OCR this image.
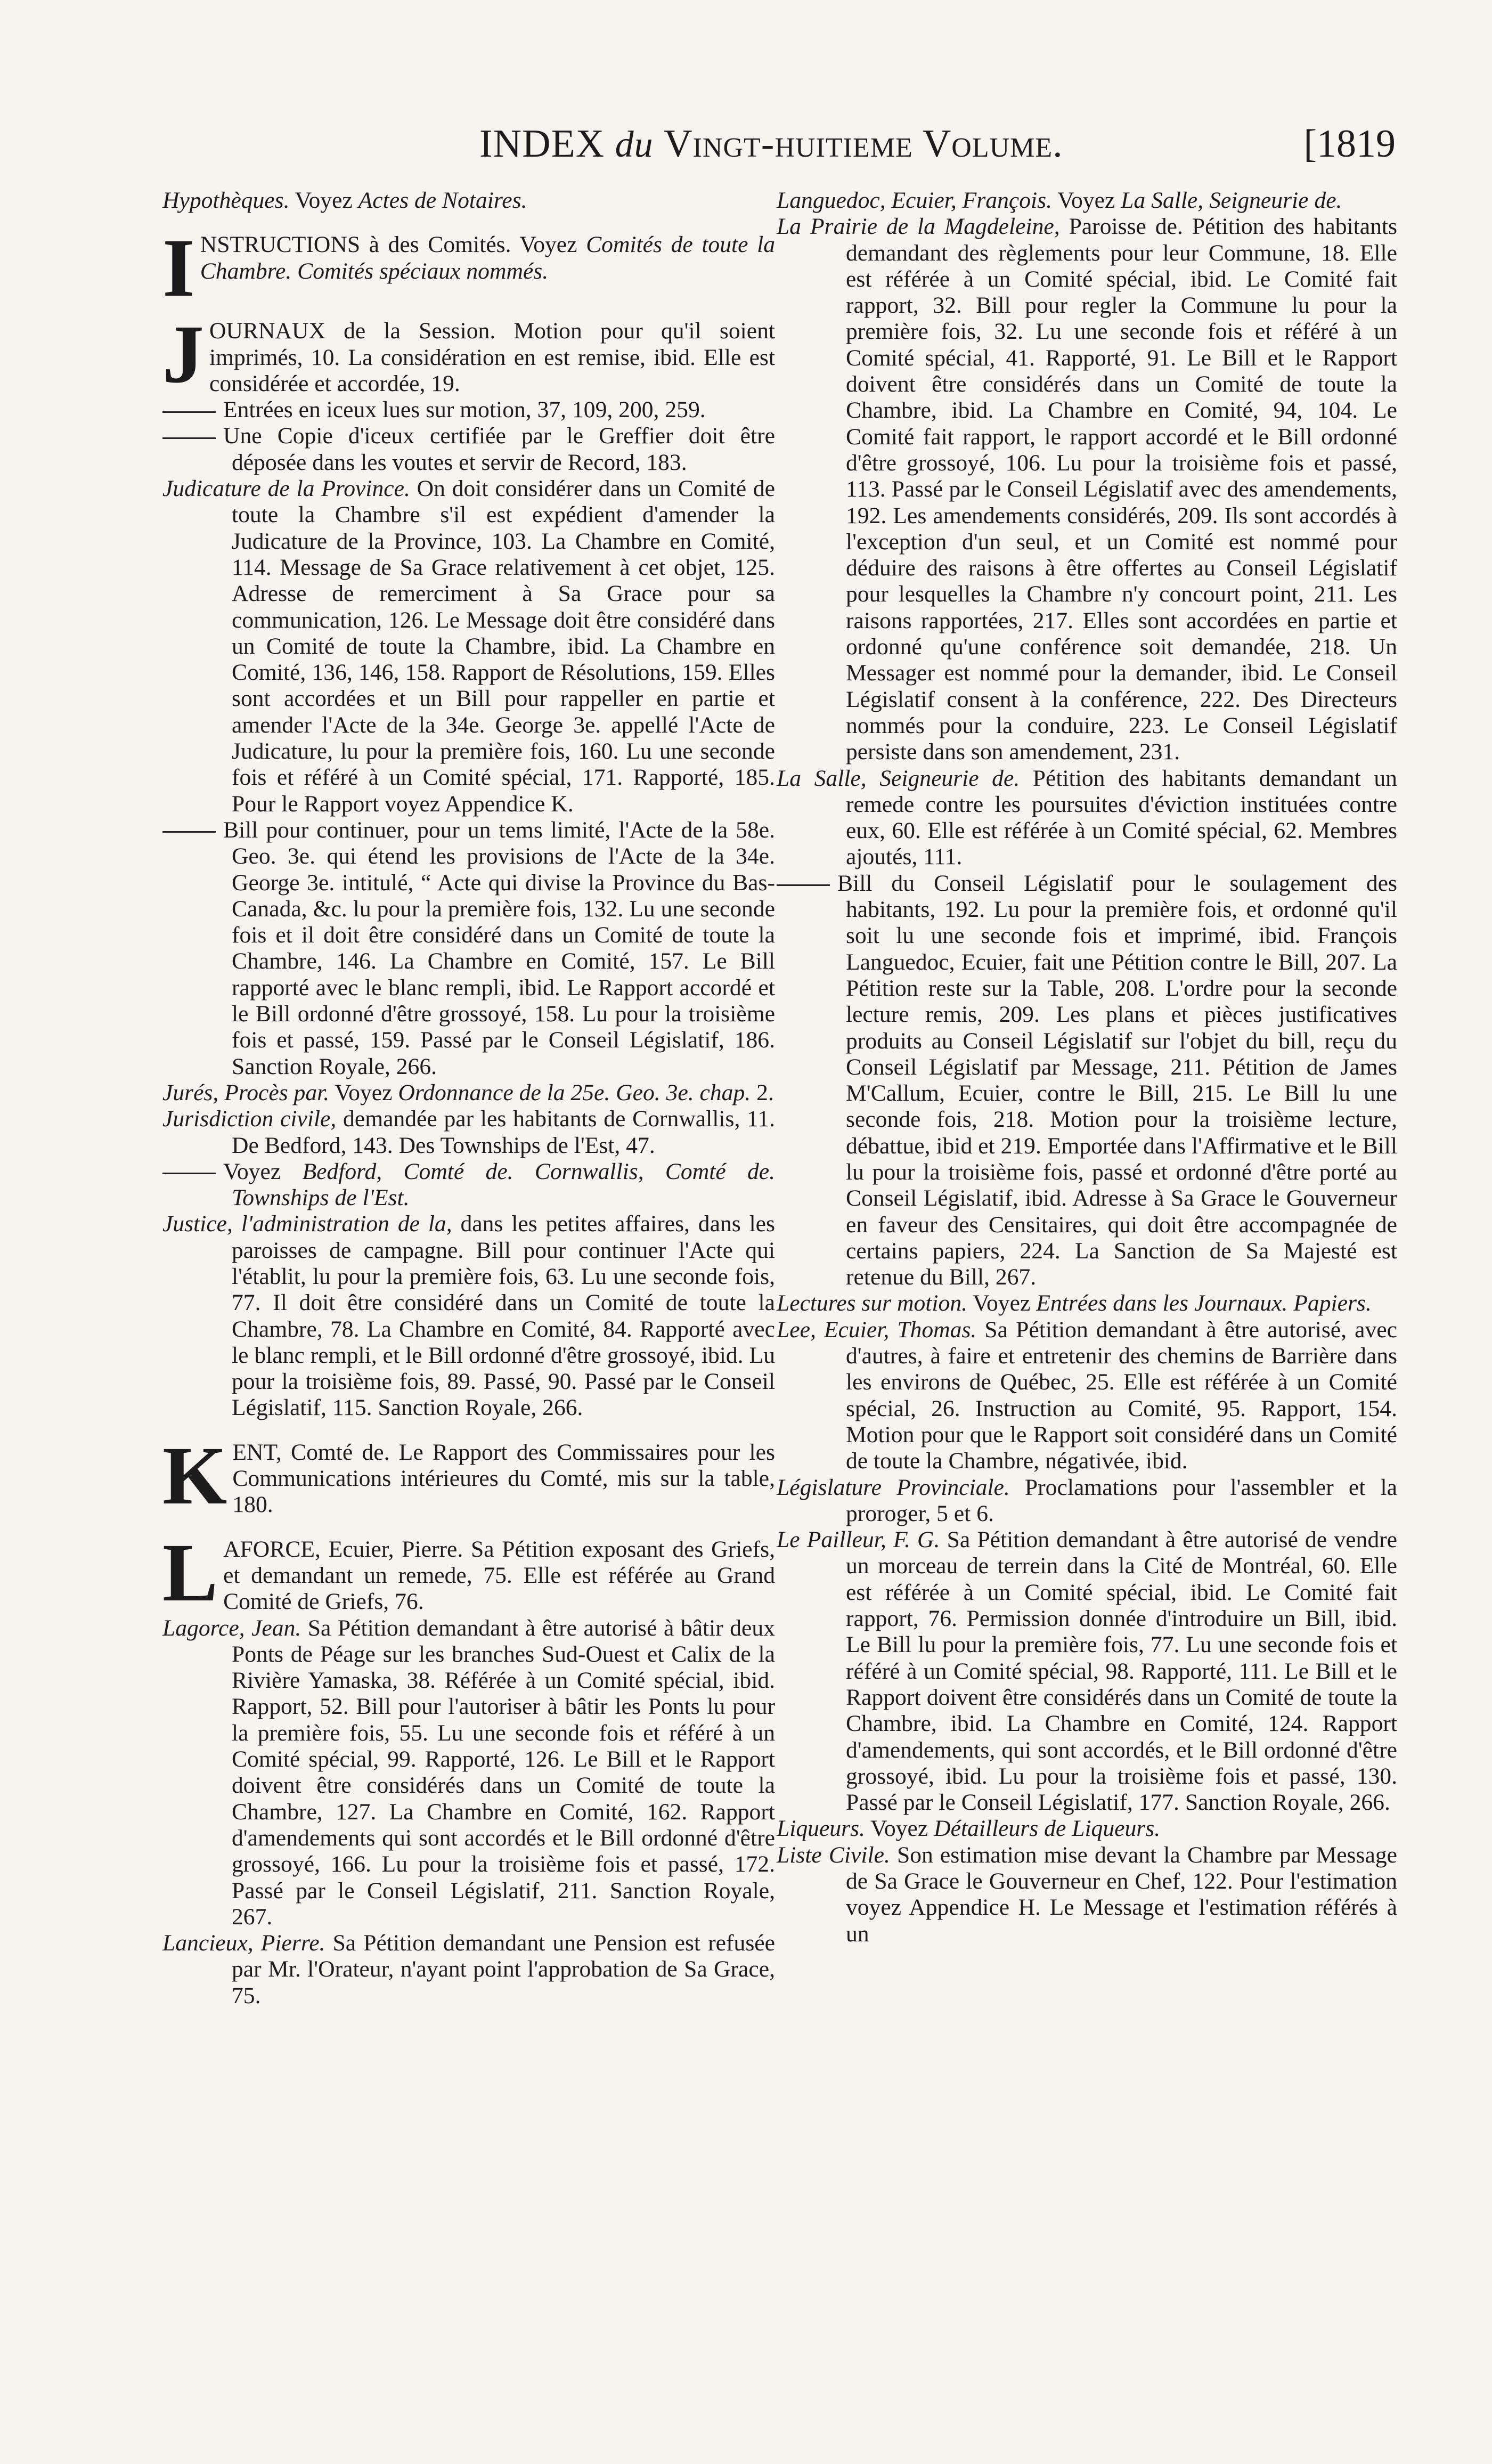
INDEX du Vingt-huitieme Volume.	[1819

Hypothèques. Voyez Actes de Notaires.

INSTRUCTIONS à des Comités. Voyez Comités de toute la Chambre. Comités spéciaux nommés.

JOURNAUX de la Session. Motion pour qu'il soient imprimés, 10. La considération en est remise, ibid. Elle est considérée et accordée, 19.

Entrées en iceux lues sur motion, 37, 109, 200, 259.

Une Copie d'iceux certifiée par le Greffier doit être déposée dans les voutes et servir de Record, 183.

Judicature de la Province. On doit considérer dans un Comité de toute la Chambre s'il est expédient d'amender la Judicature de la Province, 103. La Chambre en Comité, 114. Message de Sa Grace relativement à cet objet, 125. Adresse de remerciment à Sa Grace pour sa communication, 126. Le Message doit être considéré dans un Comité de toute la Chambre, ibid. La Chambre en Comité, 136, 146, 158. Rapport de Résolutions, 159. Elles sont accordées et un Bill pour rappeller en partie et amender l'Acte de la 34e. George 3e. appellé l'Acte de Judicature, lu pour la première fois, 160. Lu une seconde fois et référé à un Comité spécial, 171. Rapporté, 185. Pour le Rapport voyez Appendice K.

Bill pour continuer, pour un tems limité, l'Acte de la 58e. Geo. 3e. qui étend les provisions de l'Acte de la 34e. George 3e. intitulé, “ Acte qui divise la Province du Bas-Canada, &c. lu pour la première fois, 132. Lu une seconde fois et il doit être considéré dans un Comité de toute la Chambre, 146. La Chambre en Comité, 157. Le Bill rapporté avec le blanc rempli, ibid. Le Rapport accordé et le Bill ordonné d'être grossoyé, 158. Lu pour la troisième fois et passé, 159. Passé par le Conseil Législatif, 186. Sanction Royale, 266.

Jurés, Procès par. Voyez Ordonnance de la 25e. Geo. 3e. chap. 2.

Jurisdiction civile, demandée par les habitants de Cornwallis, 11. De Bedford, 143. Des Townships de l'Est, 47.

Voyez Bedford, Comté de. Cornwallis, Comté de. Townships de l'Est.

Justice, l'administration de la, dans les petites affaires, dans les paroisses de campagne. Bill pour continuer l'Acte qui l'établit, lu pour la première fois, 63. Lu une seconde fois, 77. Il doit être considéré dans un Comité de toute la Chambre, 78. La Chambre en Comité, 84. Rapporté avec le blanc rempli, et le Bill ordonné d'être grossoyé, ibid. Lu pour la troisième fois, 89. Passé, 90. Passé par le Conseil Législatif, 115. Sanction Royale, 266.

KENT, Comté de. Le Rapport des Commissaires pour les Communications intérieures du Comté, mis sur la table, 180.

LAFORCE, Ecuier, Pierre. Sa Pétition exposant des Griefs, et demandant un remede, 75. Elle est référée au Grand Comité de Griefs, 76.

Lagorce, Jean. Sa Pétition demandant à être autorisé à bâtir deux Ponts de Péage sur les branches Sud-Ouest et Calix de la Rivière Yamaska, 38. Référée à un Comité spécial, ibid. Rapport, 52. Bill pour l'autoriser à bâtir les Ponts lu pour la première fois, 55. Lu une seconde fois et référé à un Comité spécial, 99. Rapporté, 126. Le Bill et le Rapport doivent être considérés dans un Comité de toute la Chambre, 127. La Chambre en Comité, 162. Rapport d'amendements qui sont accordés et le Bill ordonné d'être grossoyé, 166. Lu pour la troisième fois et passé, 172. Passé par le Conseil Législatif, 211. Sanction Royale, 267.

Lancieux, Pierre. Sa Pétition demandant une Pension est refusée par Mr. l'Orateur, n'ayant point l'approbation de Sa Grace, 75.

Languedoc, Ecuier, François. Voyez La Salle, Seigneurie de.

La Prairie de la Magdeleine, Paroisse de. Pétition des habitants demandant des règlements pour leur Commune, 18. Elle est référée à un Comité spécial, ibid. Le Comité fait rapport, 32. Bill pour regler la Commune lu pour la première fois, 32. Lu une seconde fois et référé à un Comité spécial, 41. Rapporté, 91. Le Bill et le Rapport doivent être considérés dans un Comité de toute la Chambre, ibid. La Chambre en Comité, 94, 104. Le Comité fait rapport, le rapport accordé et le Bill ordonné d'être grossoyé, 106. Lu pour la troisième fois et passé, 113. Passé par le Conseil Législatif avec des amendements, 192. Les amendements considérés, 209. Ils sont accordés à l'exception d'un seul, et un Comité est nommé pour déduire des raisons à être offertes au Conseil Législatif pour lesquelles la Chambre n'y concourt point, 211. Les raisons rapportées, 217. Elles sont accordées en partie et ordonné qu'une conférence soit demandée, 218. Un Messager est nommé pour la demander, ibid. Le Conseil Législatif consent à la conférence, 222. Des Directeurs nommés pour la conduire, 223. Le Conseil Législatif persiste dans son amendement, 231.

La Salle, Seigneurie de. Pétition des habitants demandant un remede contre les poursuites d'éviction instituées contre eux, 60. Elle est référée à un Comité spécial, 62. Membres ajoutés, 111.

Bill du Conseil Législatif pour le soulagement des habitants, 192. Lu pour la première fois, et ordonné qu'il soit lu une seconde fois et imprimé, ibid. François Languedoc, Ecuier, fait une Pétition contre le Bill, 207. La Pétition reste sur la Table, 208. L'ordre pour la seconde lecture remis, 209. Les plans et pièces justificatives produits au Conseil Législatif sur l'objet du bill, reçu du Conseil Législatif par Message, 211. Pétition de James M'Callum, Ecuier, contre le Bill, 215. Le Bill lu une seconde fois, 218. Motion pour la troisième lecture, débattue, ibid et 219. Emportée dans l'Affirmative et le Bill lu pour la troisième fois, passé et ordonné d'être porté au Conseil Législatif, ibid. Adresse à Sa Grace le Gouverneur en faveur des Censitaires, qui doit être accompagnée de certains papiers, 224. La Sanction de Sa Majesté est retenue du Bill, 267.

Lectures sur motion. Voyez Entrées dans les Journaux. Papiers.

Lee, Ecuier, Thomas. Sa Pétition demandant à être autorisé, avec d'autres, à faire et entretenir des chemins de Barrière dans les environs de Québec, 25. Elle est référée à un Comité spécial, 26. Instruction au Comité, 95. Rapport, 154. Motion pour que le Rapport soit considéré dans un Comité de toute la Chambre, négativée, ibid.

Législature Provinciale. Proclamations pour l'assembler et la proroger, 5 et 6.

Le Pailleur, F. G. Sa Pétition demandant à être autorisé de vendre un morceau de terrein dans la Cité de Montréal, 60. Elle est référée à un Comité spécial, ibid. Le Comité fait rapport, 76. Permission donnée d'introduire un Bill, ibid. Le Bill lu pour la première fois, 77. Lu une seconde fois et référé à un Comité spécial, 98. Rapporté, 111. Le Bill et le Rapport doivent être considérés dans un Comité de toute la Chambre, ibid. La Chambre en Comité, 124. Rapport d'amendements, qui sont accordés, et le Bill ordonné d'être grossoyé, ibid. Lu pour la troisième fois et passé, 130. Passé par le Conseil Législatif, 177. Sanction Royale, 266.

Liqueurs. Voyez Détailleurs de Liqueurs.

Liste Civile. Son estimation mise devant la Chambre par Message de Sa Grace le Gouverneur en Chef, 122. Pour l'estimation voyez Appendice H. Le Message et l'estimation référés à un
